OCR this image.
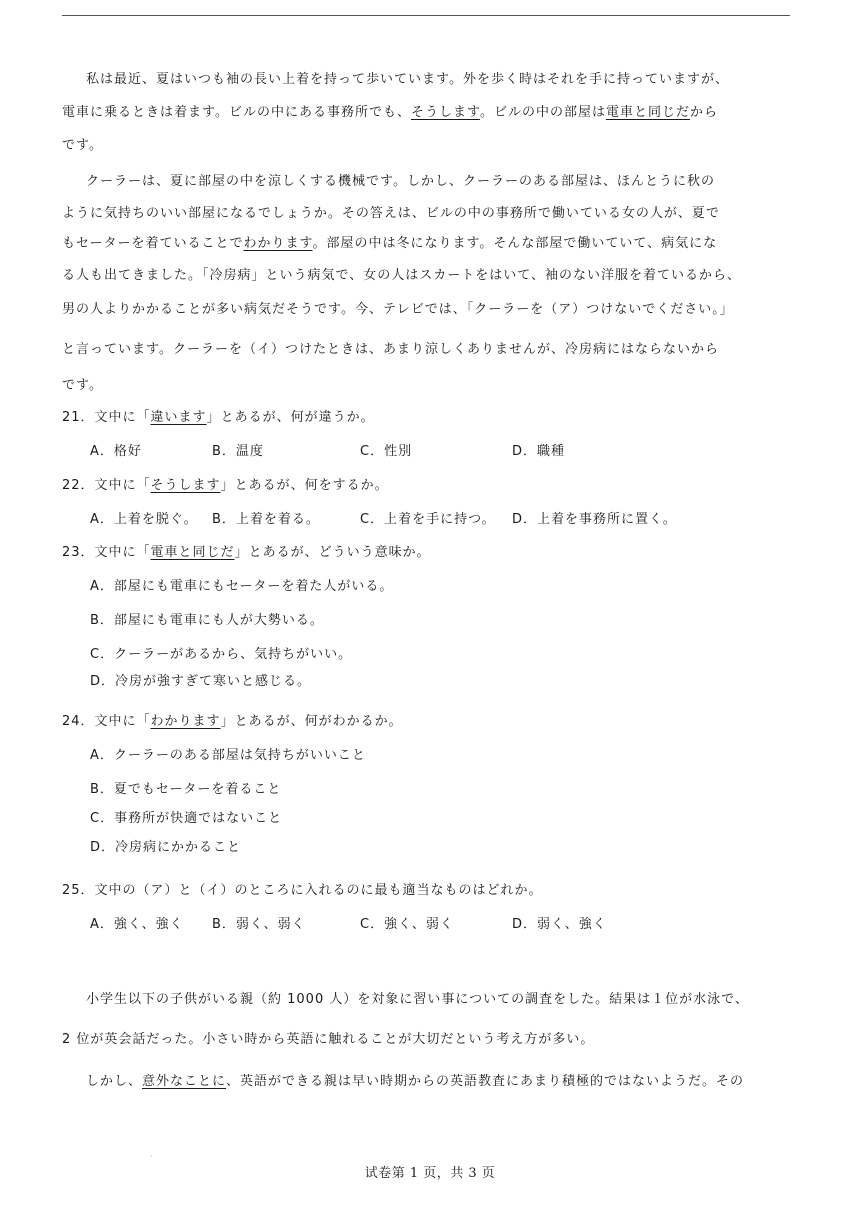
私は最近、夏はいつも袖の長い上着を持って歩いています。外を歩く時はそれを手に持っていますが、
電車に乗るときは着ます。ビルの中にある事務所でも、そうします。ビルの中の部屋は電車と同じだから
です。
クーラーは、夏に部屋の中を涼しくする機械です。しかし、クーラーのある部屋は、ほんとうに秋の
ように気持ちのいい部屋になるでしょうか。その答えは、ビルの中の事務所で働いている女の人が、夏で
もセーターを着ていることでわかります。部屋の中は冬になります。そんな部屋で働いていて、病気にな
る人も出てきました。「冷房病」という病気で、女の人はスカートをはいて、袖のない洋服を着ているから、
男の人よりかかることが多い病気だそうです。今、テレビでは、「クーラーを（ア）つけないでください。」
と言っています。クーラーを（イ）つけたときは、あまり涼しくありませんが、冷房病にはならないから
です。
21．文中に「違います」とあるが、何が違うか。
A．格好	B．温度	C．性別	D．職種
22．文中に「そうします」とあるが、何をするか。
A．上着を脱ぐ。 B．上着を着る。	C．上着を手に持つ。 D．上着を事務所に置く。
23．文中に「電車と同じだ」とあるが、どういう意味か。
A．部屋にも電車にもセーターを着た人がいる。
B．部屋にも電車にも人が大勢いる。
C．クーラーがあるから、気持ちがいい。
D．冷房が強すぎて寒いと感じる。
24．文中に「わかります」とあるが、何がわかるか。
A．クーラーのある部屋は気持ちがいいこと
B．夏でもセーターを着ること
C．事務所が快適ではないこと
D．冷房病にかかること
25．文中の（ア）と（イ）のところに入れるのに最も適当なものはどれか。
A．強く、強く B．弱く、弱く	C．強く、弱く	D．弱く、強く
小学生以下の子供がいる親（約 1000 人）を対象に習い事についての調査をした。結果は１位が水泳で、
2 位が英会話だった。小さい時から英語に触れることが大切だという考え方が多い。
しかし、意外なことに、英語ができる親は早い時期からの英語教査にあまり積極的ではないようだ。その
·
试卷第 1 页，共 3 页
